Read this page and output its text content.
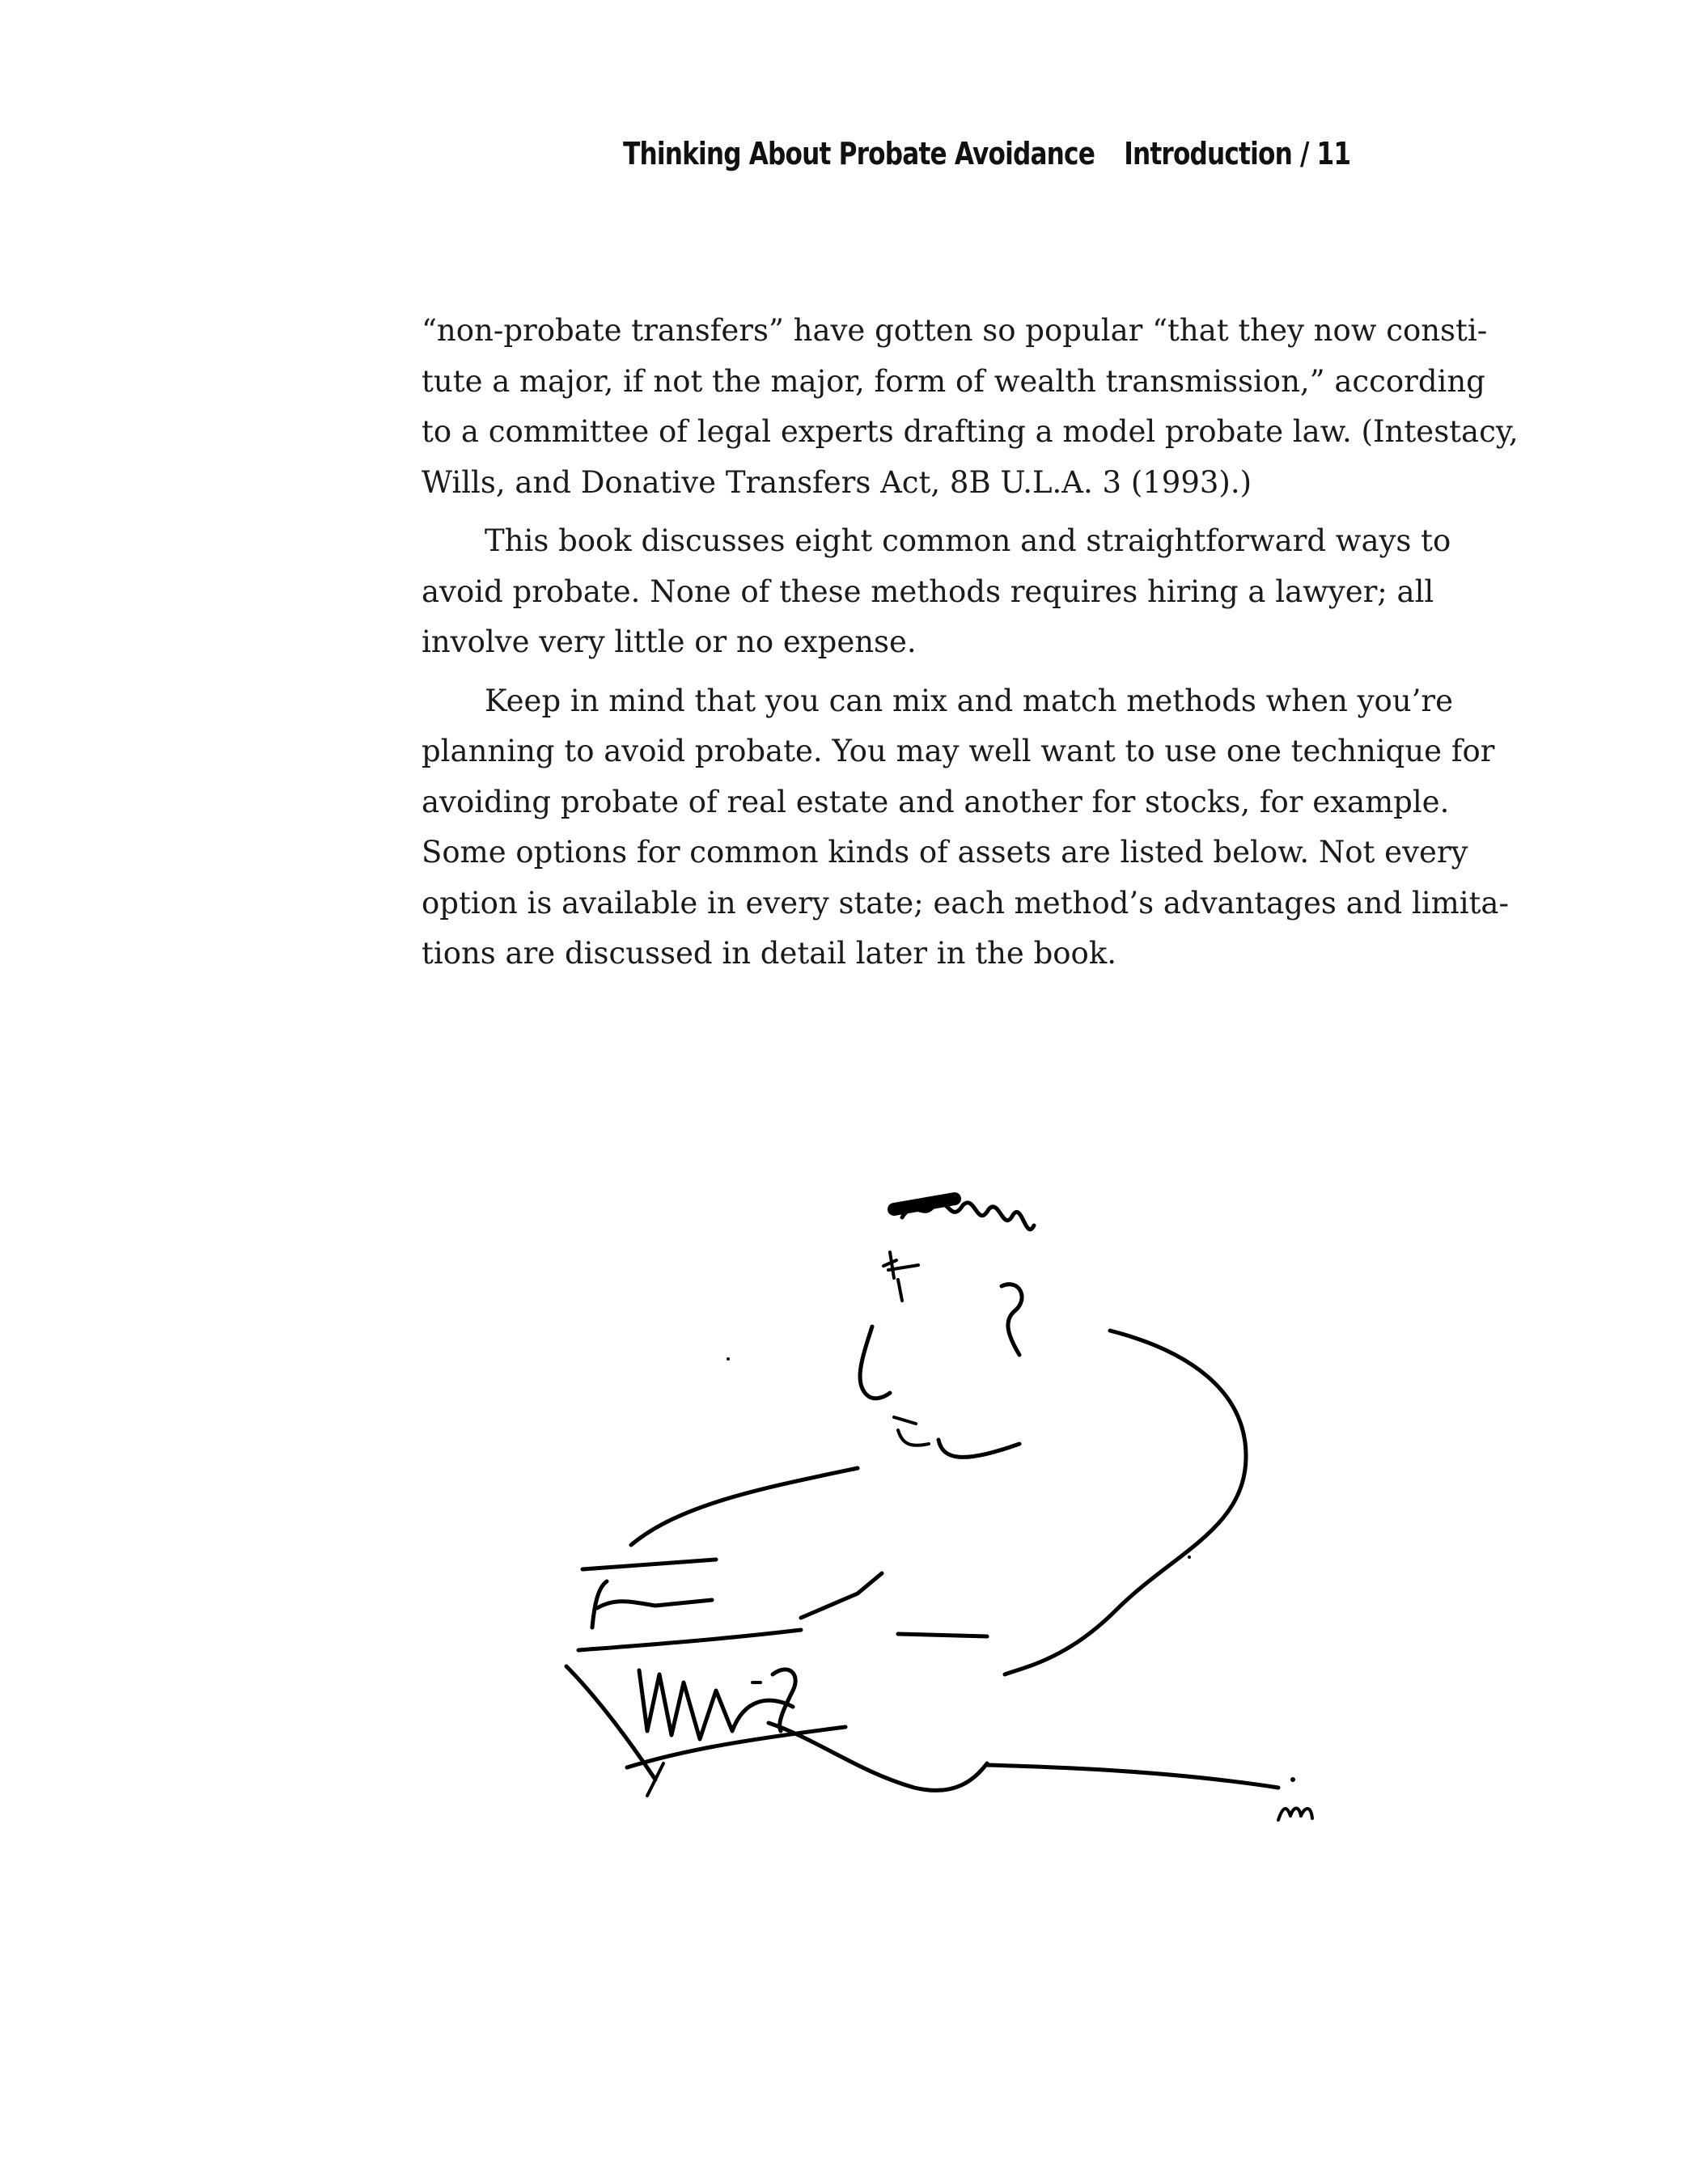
Thinking About Probate Avoidance Introduction / 11

“non-probate transfers” have gotten so popular “that they now consti-
tute a major, if not the major, form of wealth transmission,” according
to a committee of legal experts drafting a model probate law. (Intestacy,
Wills, and Donative Transfers Act, 8B U.L.A. 3 (1993).)

This book discusses eight common and straightforward ways to
avoid probate. None of these methods requires hiring a lawyer; all
involve very little or no expense.

Keep in mind that you can mix and match methods when you’re
planning to avoid probate. You may well want to use one technique for
avoiding probate of real estate and another for stocks, for example.
Some options for common kinds of assets are listed below. Not every
option is available in every state; each method’s advantages and limita-
tions are discussed in detail later in the book.
